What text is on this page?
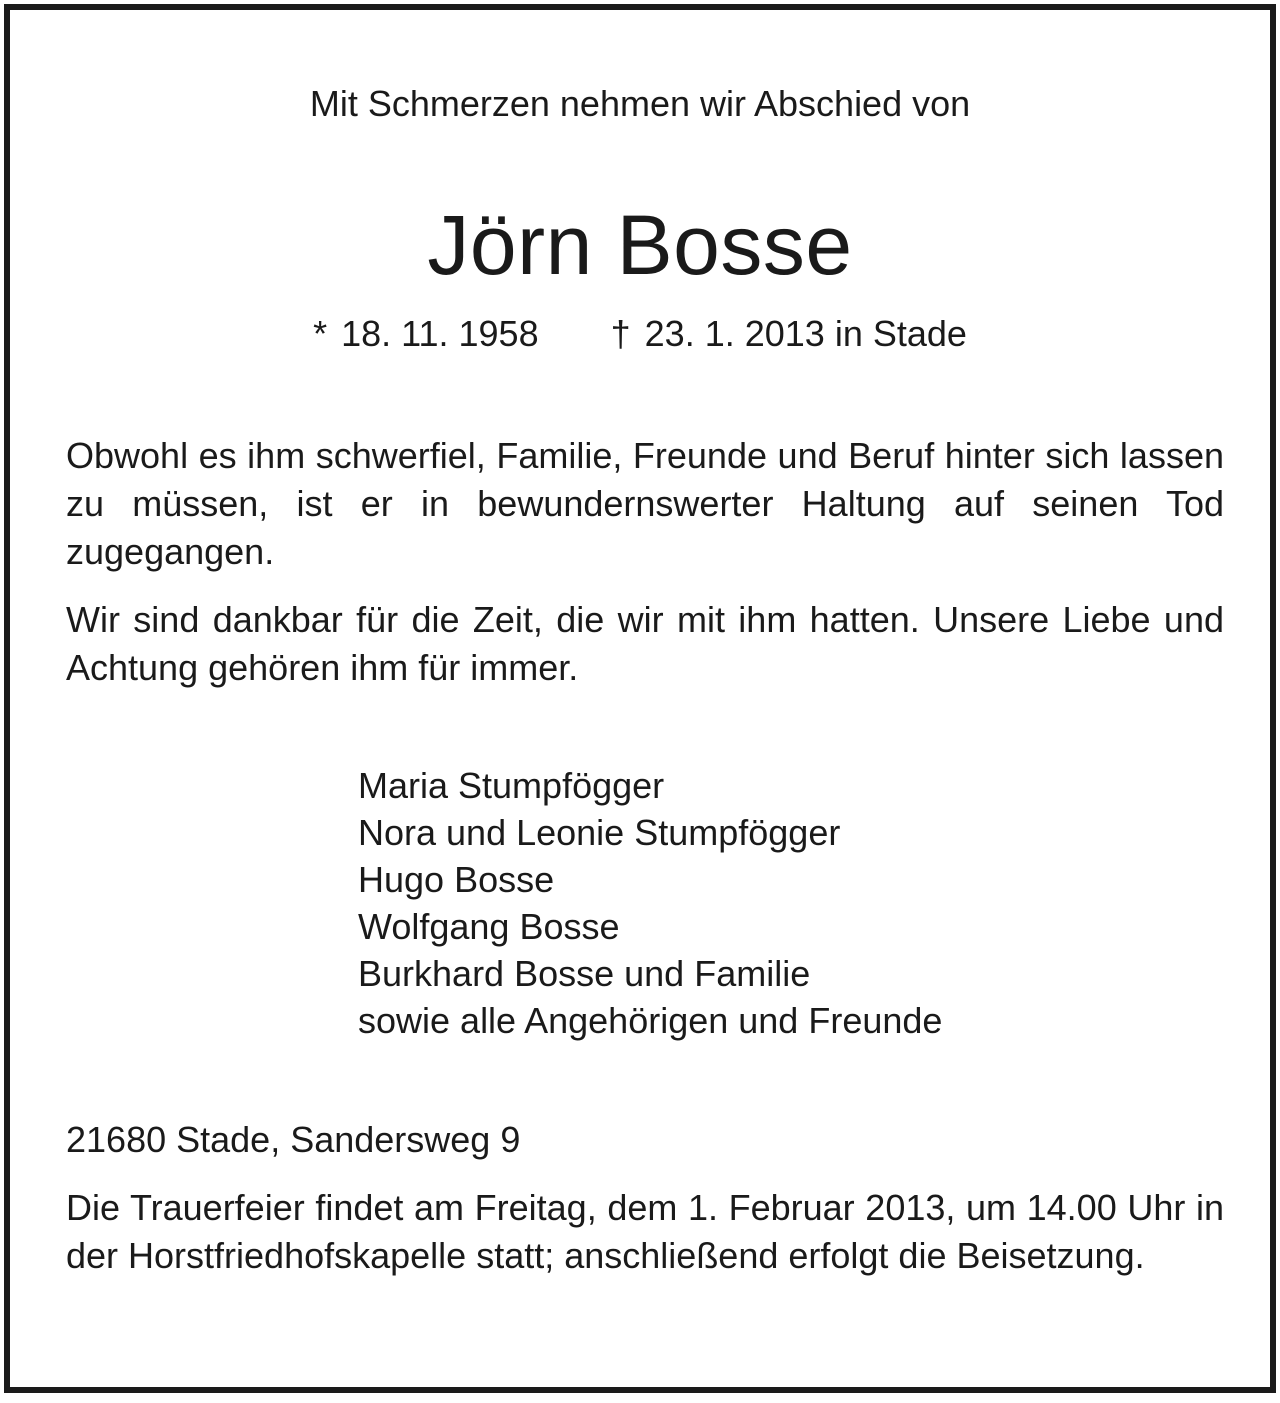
Mit Schmerzen nehmen wir Abschied von
Jörn Bosse
* 18. 11. 1958 † 23. 1. 2013 in Stade

Obwohl es ihm schwerfiel, Familie, Freunde und Beruf hinter sich lassen zu müssen, ist er in bewundernswerter Haltung auf seinen Tod zugegangen.

Wir sind dankbar für die Zeit, die wir mit ihm hatten. Unsere Liebe und Achtung gehören ihm für immer.

Maria Stumpfögger
Nora und Leonie Stumpfögger
Hugo Bosse
Wolfgang Bosse
Burkhard Bosse und Familie
sowie alle Angehörigen und Freunde
21680 Stade, Sandersweg 9

Die Trauerfeier findet am Freitag, dem 1. Februar 2013, um 14.00 Uhr in der Horstfriedhofskapelle statt; anschließend erfolgt die Beisetzung.
